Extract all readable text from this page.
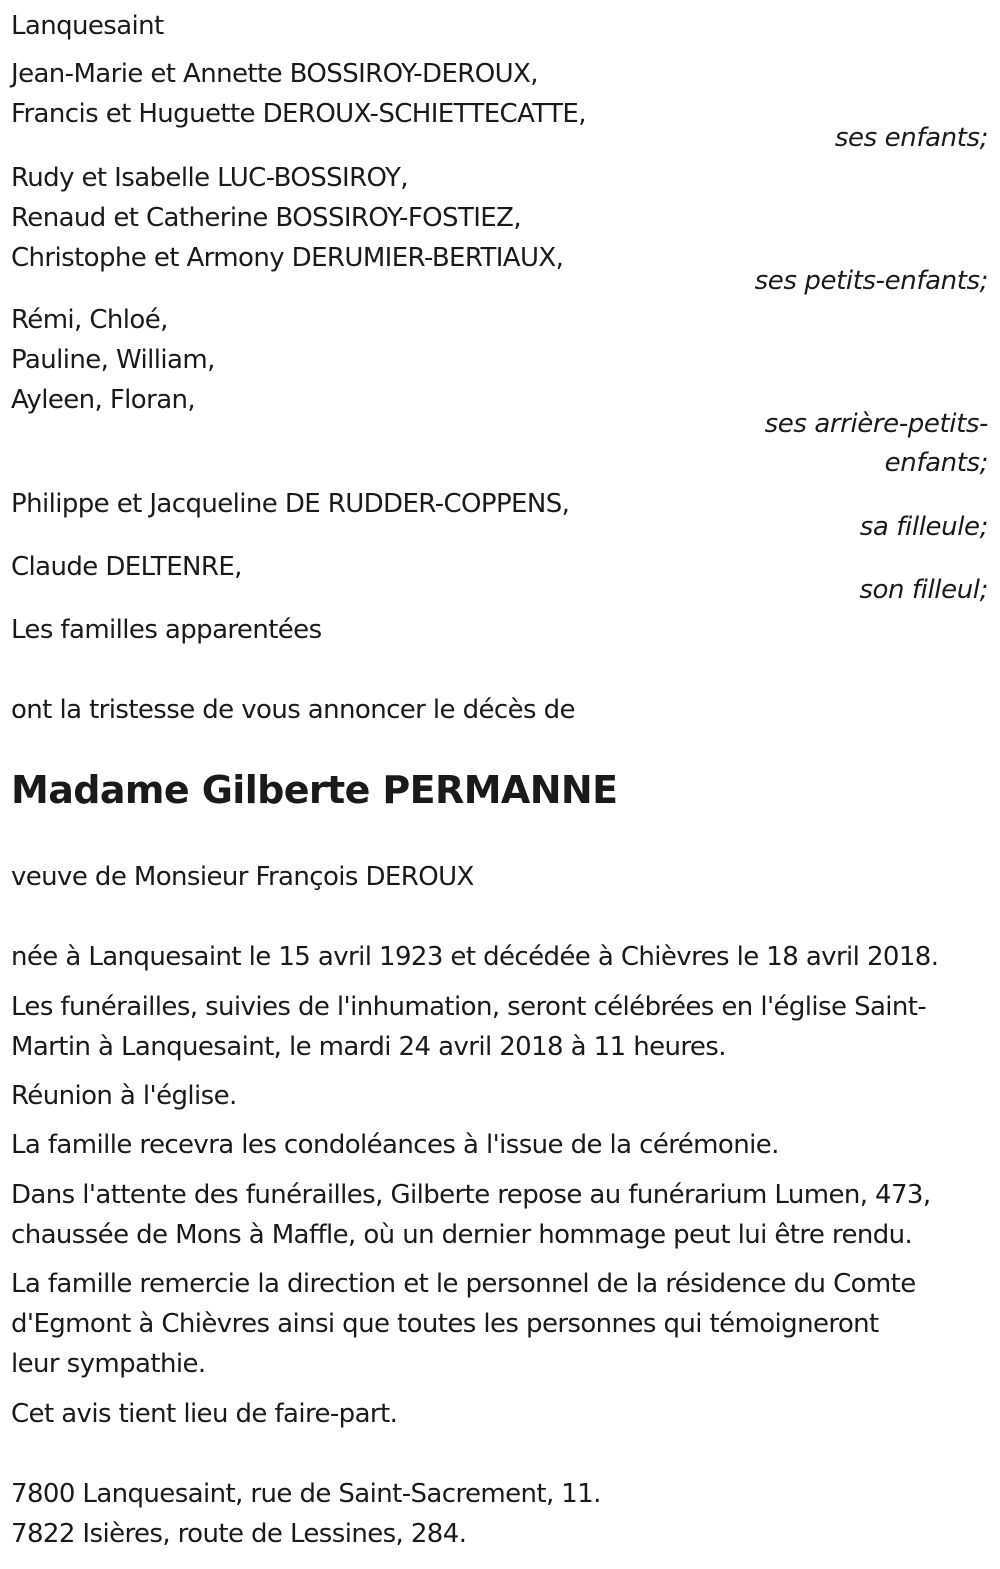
Lanquesaint
Jean-Marie et Annette BOSSIROY-DEROUX,
Francis et Huguette DEROUX-SCHIETTECATTE,
ses enfants;
Rudy et Isabelle LUC-BOSSIROY,
Renaud et Catherine BOSSIROY-FOSTIEZ,
Christophe et Armony DERUMIER-BERTIAUX,
ses petits-enfants;
Rémi, Chloé,
Pauline, William,
Ayleen, Floran,
ses arrière-petits-
enfants;
Philippe et Jacqueline DE RUDDER-COPPENS,
sa filleule;
Claude DELTENRE,
son filleul;
Les familles apparentées
ont la tristesse de vous annoncer le décès de
Madame Gilberte PERMANNE
veuve de Monsieur François DEROUX
née à Lanquesaint le 15 avril 1923 et décédée à Chièvres le 18 avril 2018.
Les funérailles, suivies de l'inhumation, seront célébrées en l'église Saint-
Martin à Lanquesaint, le mardi 24 avril 2018 à 11 heures.
Réunion à l'église.
La famille recevra les condoléances à l'issue de la cérémonie.
Dans l'attente des funérailles, Gilberte repose au funérarium Lumen, 473,
chaussée de Mons à Maffle, où un dernier hommage peut lui être rendu.
La famille remercie la direction et le personnel de la résidence du Comte
d'Egmont à Chièvres ainsi que toutes les personnes qui témoigneront
leur sympathie.
Cet avis tient lieu de faire-part.
7800 Lanquesaint, rue de Saint-Sacrement, 11.
7822 Isières, route de Lessines, 284.
